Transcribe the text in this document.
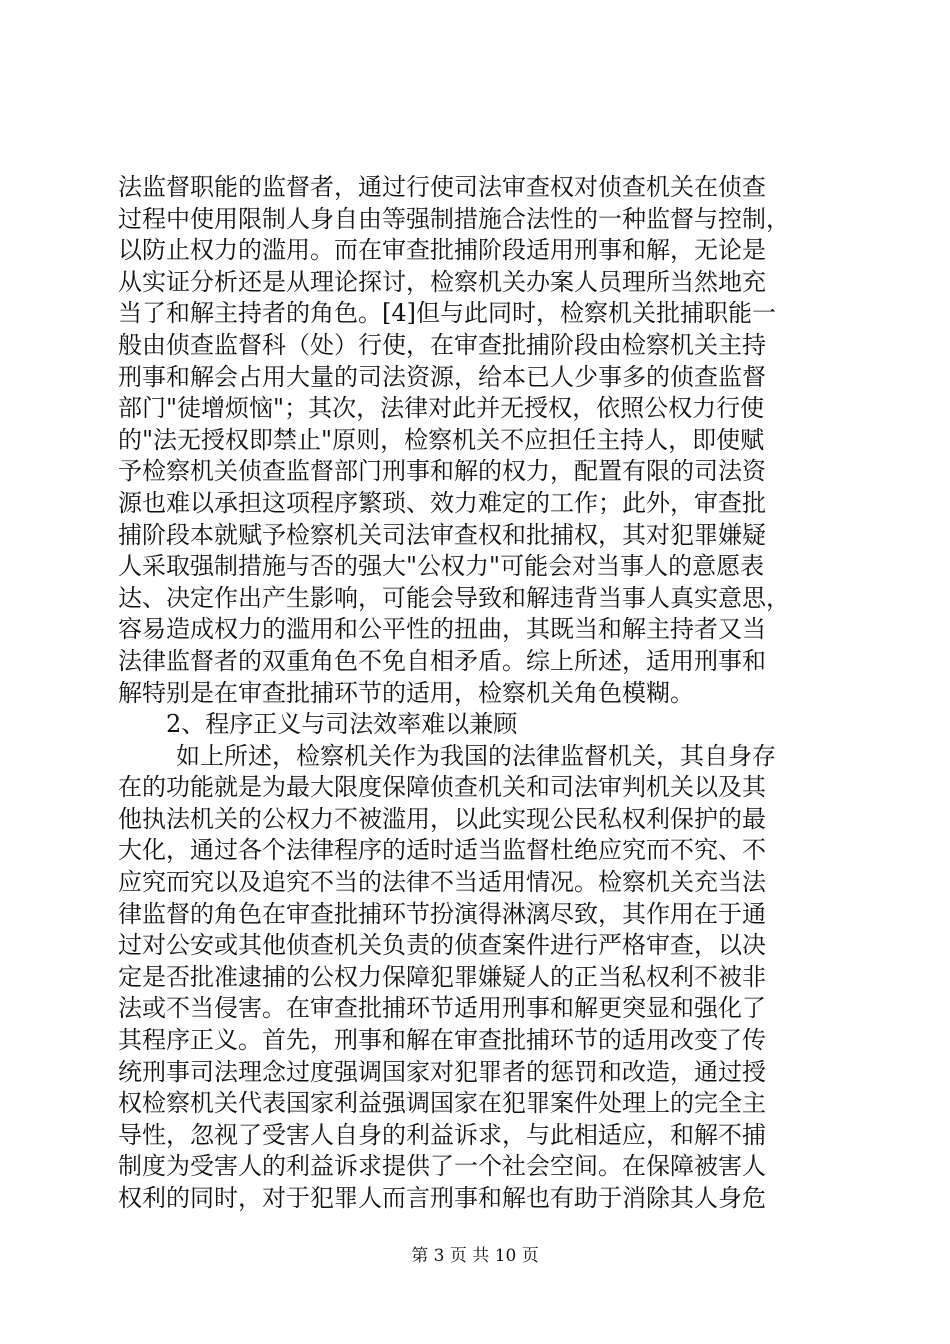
法监督职能的监督者，通过行使司法审查权对侦查机关在侦查
过程中使用限制人身自由等强制措施合法性的一种监督与控制，
以防止权力的滥用。而在审查批捕阶段适用刑事和解，无论是
从实证分析还是从理论探讨，检察机关办案人员理所当然地充
当了和解主持者的角色。[4]但与此同时，检察机关批捕职能一
般由侦查监督科（处）行使，在审查批捕阶段由检察机关主持
刑事和解会占用大量的司法资源，给本已人少事多的侦查监督
部门"徒增烦恼"；其次，法律对此并无授权，依照公权力行使
的"法无授权即禁止"原则，检察机关不应担任主持人，即使赋
予检察机关侦查监督部门刑事和解的权力，配置有限的司法资
源也难以承担这项程序繁琐、效力难定的工作；此外，审查批
捕阶段本就赋予检察机关司法审查权和批捕权，其对犯罪嫌疑
人采取强制措施与否的强大"公权力"可能会对当事人的意愿表
达、决定作出产生影响，可能会导致和解违背当事人真实意思，
容易造成权力的滥用和公平性的扭曲，其既当和解主持者又当
法律监督者的双重角色不免自相矛盾。综上所述，适用刑事和
解特别是在审查批捕环节的适用，检察机关角色模糊。
2、程序正义与司法效率难以兼顾
如上所述，检察机关作为我国的法律监督机关，其自身存
在的功能就是为最大限度保障侦查机关和司法审判机关以及其
他执法机关的公权力不被滥用，以此实现公民私权利保护的最
大化，通过各个法律程序的适时适当监督杜绝应究而不究、不
应究而究以及追究不当的法律不当适用情况。检察机关充当法
律监督的角色在审查批捕环节扮演得淋漓尽致，其作用在于通
过对公安或其他侦查机关负责的侦查案件进行严格审查，以决
定是否批准逮捕的公权力保障犯罪嫌疑人的正当私权利不被非
法或不当侵害。在审查批捕环节适用刑事和解更突显和强化了
其程序正义。首先，刑事和解在审查批捕环节的适用改变了传
统刑事司法理念过度强调国家对犯罪者的惩罚和改造，通过授
权检察机关代表国家利益强调国家在犯罪案件处理上的完全主
导性，忽视了受害人自身的利益诉求，与此相适应，和解不捕
制度为受害人的利益诉求提供了一个社会空间。在保障被害人
权利的同时，对于犯罪人而言刑事和解也有助于消除其人身危
第 3 页 共 10 页
